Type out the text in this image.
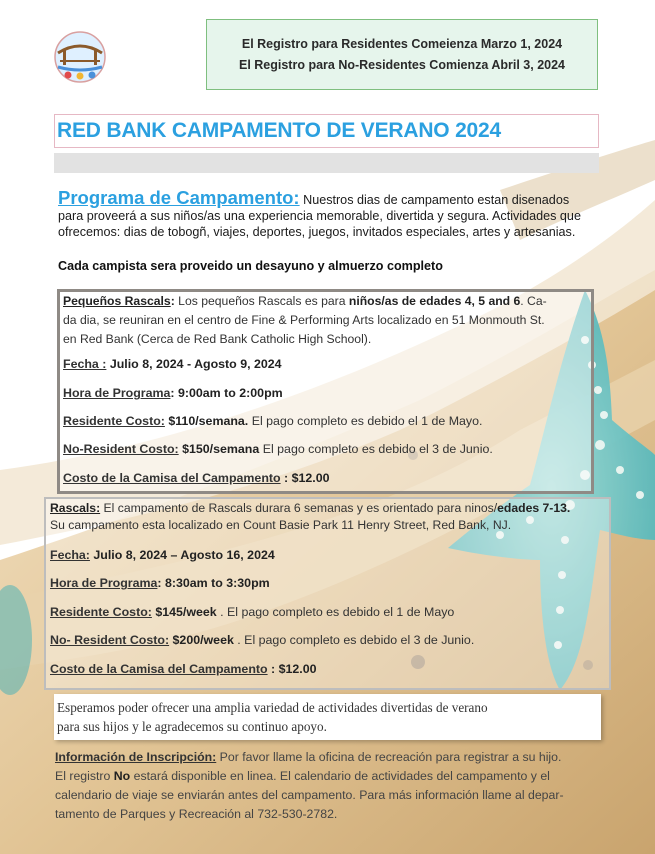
El Registro para Residentes Comeienza Marzo 1, 2024
El Registro para No-Residentes Comienza Abril 3, 2024
RED BANK CAMPAMENTO DE VERANO 2024
Programa de Campamento: Nuestros dias de campamento estan disenados
para proveerá a sus niños/as una experiencia memorable, divertida y segura. Actividades que
ofrecemos: dias de tobogñ, viajes, deportes, juegos, invitados especiales, artes y artesanias.
Cada campista sera proveido un desayuno y almuerzo completo
Pequeños Rascals: Los pequeños Rascals es para niños/as de edades 4, 5 and 6. Ca-
da dia, se reuniran en el centro de Fine & Performing Arts localizado en 51 Monmouth St.
en Red Bank (Cerca de Red Bank Catholic High School).
Fecha : Julio 8, 2024 - Agosto 9, 2024
Hora de Programa: 9:00am to 2:00pm
Residente Costo: $110/semana. El pago completo es debido el 1 de Mayo.
No-Resident Costo: $150/semana El pago completo es debido el 3 de Junio.
Costo de la Camisa del Campamento : $12.00
Rascals: El campamento de Rascals durara 6 semanas y es orientado para ninos/edades 7-13.
Su campamento esta localizado en Count Basie Park 11 Henry Street, Red Bank, NJ.
Fecha: Julio 8, 2024 – Agosto 16, 2024
Hora de Programa: 8:30am to 3:30pm
Residente Costo: $145/week . El pago completo es debido el 1 de Mayo
No- Resident Costo: $200/week . El pago completo es debido el 3 de Junio.
Costo de la Camisa del Campamento : $12.00
Esperamos poder ofrecer una amplia variedad de actividades divertidas de verano
para sus hijos y le agradecemos su continuo apoyo.
Información de Inscripción: Por favor llame la oficina de recreación para registrar a su hijo.
El registro No estará disponible en linea. El calendario de actividades del campamento y el
calendario de viaje se enviarán antes del campamento. Para más información llame al depar-
tamento de Parques y Recreación al 732-530-2782.
